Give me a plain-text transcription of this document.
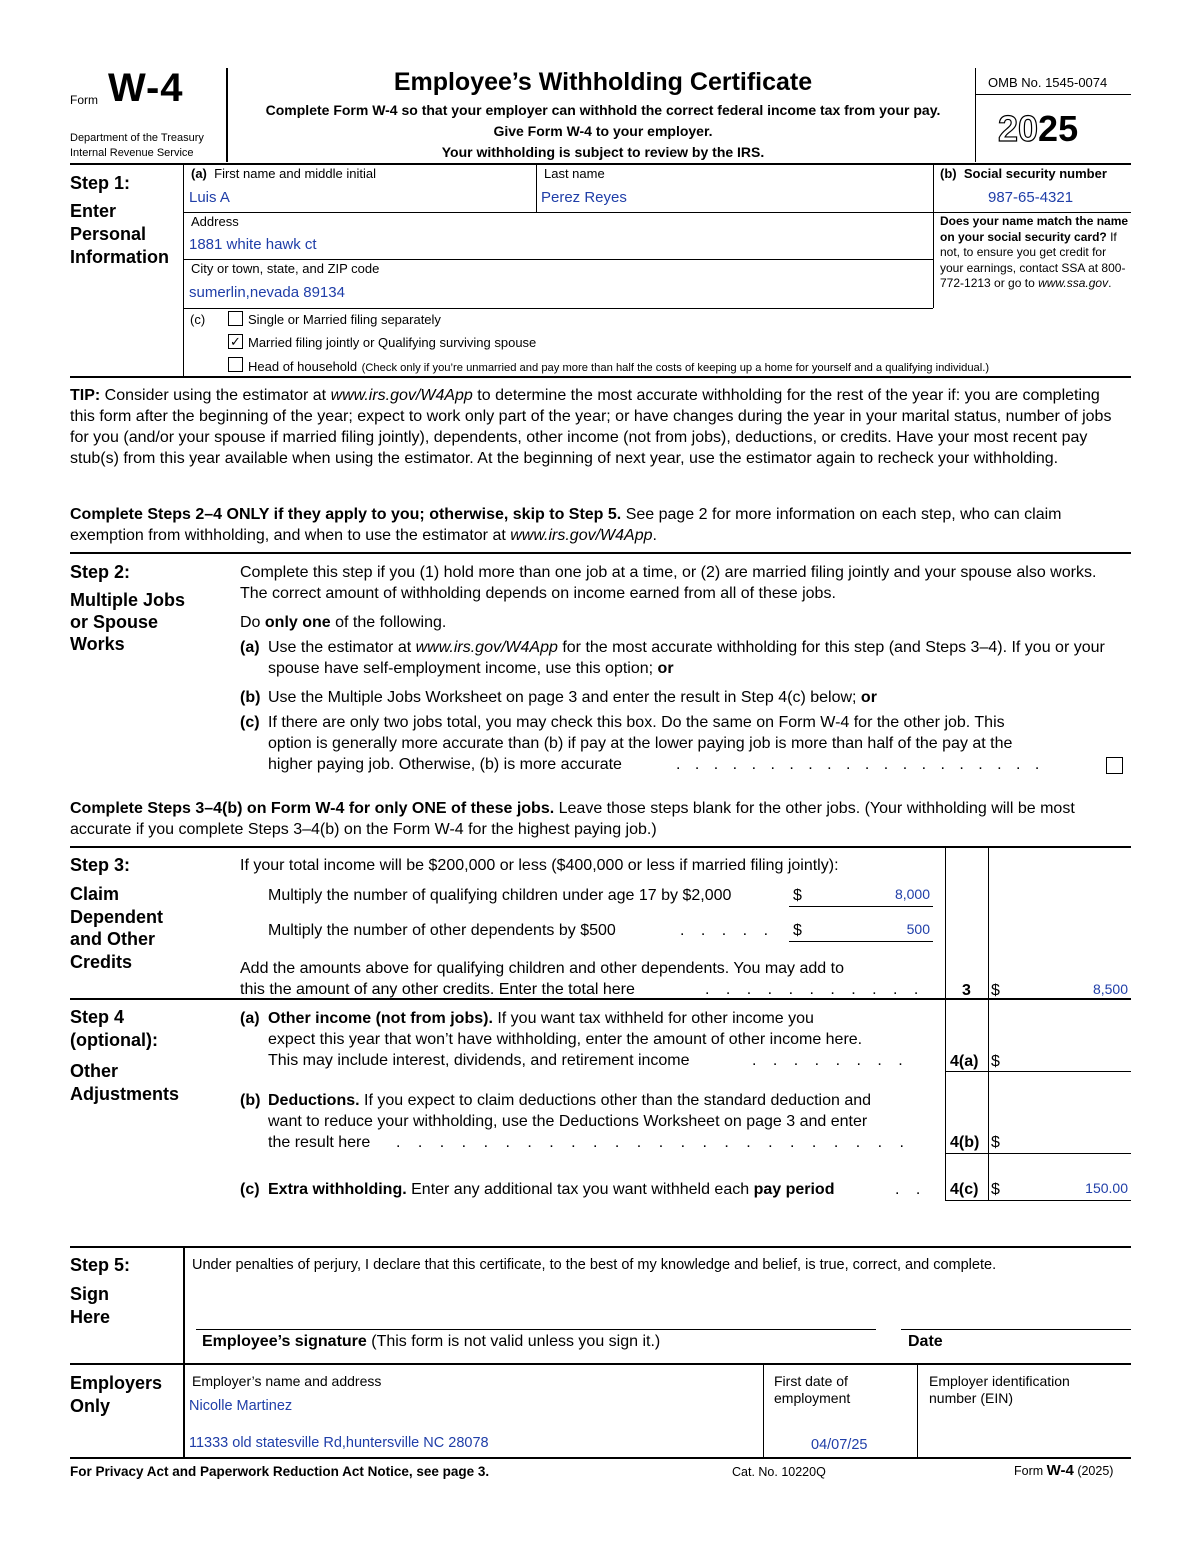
Form W-4
Department of the Treasury
Internal Revenue Service
Employee’s Withholding Certificate
Complete Form W-4 so that your employer can withhold the correct federal income tax from your pay.
Give Form W-4 to your employer.
Your withholding is subject to review by the IRS.
OMB No. 1545-0074
2025
Step 1:
Enter
Personal
Information
(a) First name and middle initial
Luis A
Last name
Perez Reyes
(b) Social security number
987-65-4321
Address
1881 white hawk ct
City or town, state, and ZIP code
sumerlin,nevada 89134
Does your name match the name on your social security card? If not, to ensure you get credit for your earnings, contact SSA at 800-772-1213 or go to www.ssa.gov.
(c)	Single or Married filing separately
✓ Married filing jointly or Qualifying surviving spouse
Head of household (Check only if you’re unmarried and pay more than half the costs of keeping up a home for yourself and a qualifying individual.)
TIP: Consider using the estimator at www.irs.gov/W4App to determine the most accurate withholding for the rest of the year if: you are completing this form after the beginning of the year; expect to work only part of the year; or have changes during the year in your marital status, number of jobs for you (and/or your spouse if married filing jointly), dependents, other income (not from jobs), deductions, or credits. Have your most recent pay stub(s) from this year available when using the estimator. At the beginning of next year, use the estimator again to recheck your withholding.
Complete Steps 2–4 ONLY if they apply to you; otherwise, skip to Step 5. See page 2 for more information on each step, who can claim exemption from withholding, and when to use the estimator at www.irs.gov/W4App.
Step 2:
Multiple Jobs
or Spouse
Works
Complete this step if you (1) hold more than one job at a time, or (2) are married filing jointly and your spouse also works. The correct amount of withholding depends on income earned from all of these jobs.
Do only one of the following.
(a) Use the estimator at www.irs.gov/W4App for the most accurate withholding for this step (and Steps 3–4). If you or your spouse have self-employment income, use this option; or
(b) Use the Multiple Jobs Worksheet on page 3 and enter the result in Step 4(c) below; or
(c) If there are only two jobs total, you may check this box. Do the same on Form W-4 for the other job. This
option is generally more accurate than (b) if pay at the lower paying job is more than half of the pay at the
higher paying job. Otherwise, (b) is more accurate	. . . . . . . . . . . . . . . . . . . .
Complete Steps 3–4(b) on Form W-4 for only ONE of these jobs. Leave those steps blank for the other jobs. (Your withholding will be most accurate if you complete Steps 3–4(b) on the Form W-4 for the highest paying job.)
Step 3:
Claim
Dependent
and Other
Credits
If your total income will be $200,000 or less ($400,000 or less if married filing jointly):
Multiply the number of qualifying children under age 17 by $2,000	$	8,000
Multiply the number of other dependents by $500	. . . . . $	500
Add the amounts above for qualifying children and other dependents. You may add to
this the amount of any other credits. Enter the total here	. . . . . . . . . . . 3 $	8,500
Step 4
(optional):
Other
Adjustments
(a) Other income (not from jobs). If you want tax withheld for other income you
expect this year that won’t have withholding, enter the amount of other income here.
This may include interest, dividends, and retirement income	. . . . . . . .	4(a) $
(b) Deductions. If you expect to claim deductions other than the standard deduction and
want to reduce your withholding, use the Deductions Worksheet on page 3 and enter
the result here . . . . . . . . . . . . . . . . . . . . . . . . 4(b) $
(c) Extra withholding. Enter any additional tax you want withheld each pay period	. . 4(c) $	150.00
Step 5:
Sign
Here
Under penalties of perjury, I declare that this certificate, to the best of my knowledge and belief, is true, correct, and complete.
Employee’s signature (This form is not valid unless you sign it.)	Date
Employers
Only
Employer’s name and address
Nicolle Martinez
11333 old statesville Rd,huntersville NC 28078
First date of
employment
04/07/25
Employer identification
number (EIN)
For Privacy Act and Paperwork Reduction Act Notice, see page 3.	Cat. No. 10220Q	Form W-4 (2025)
